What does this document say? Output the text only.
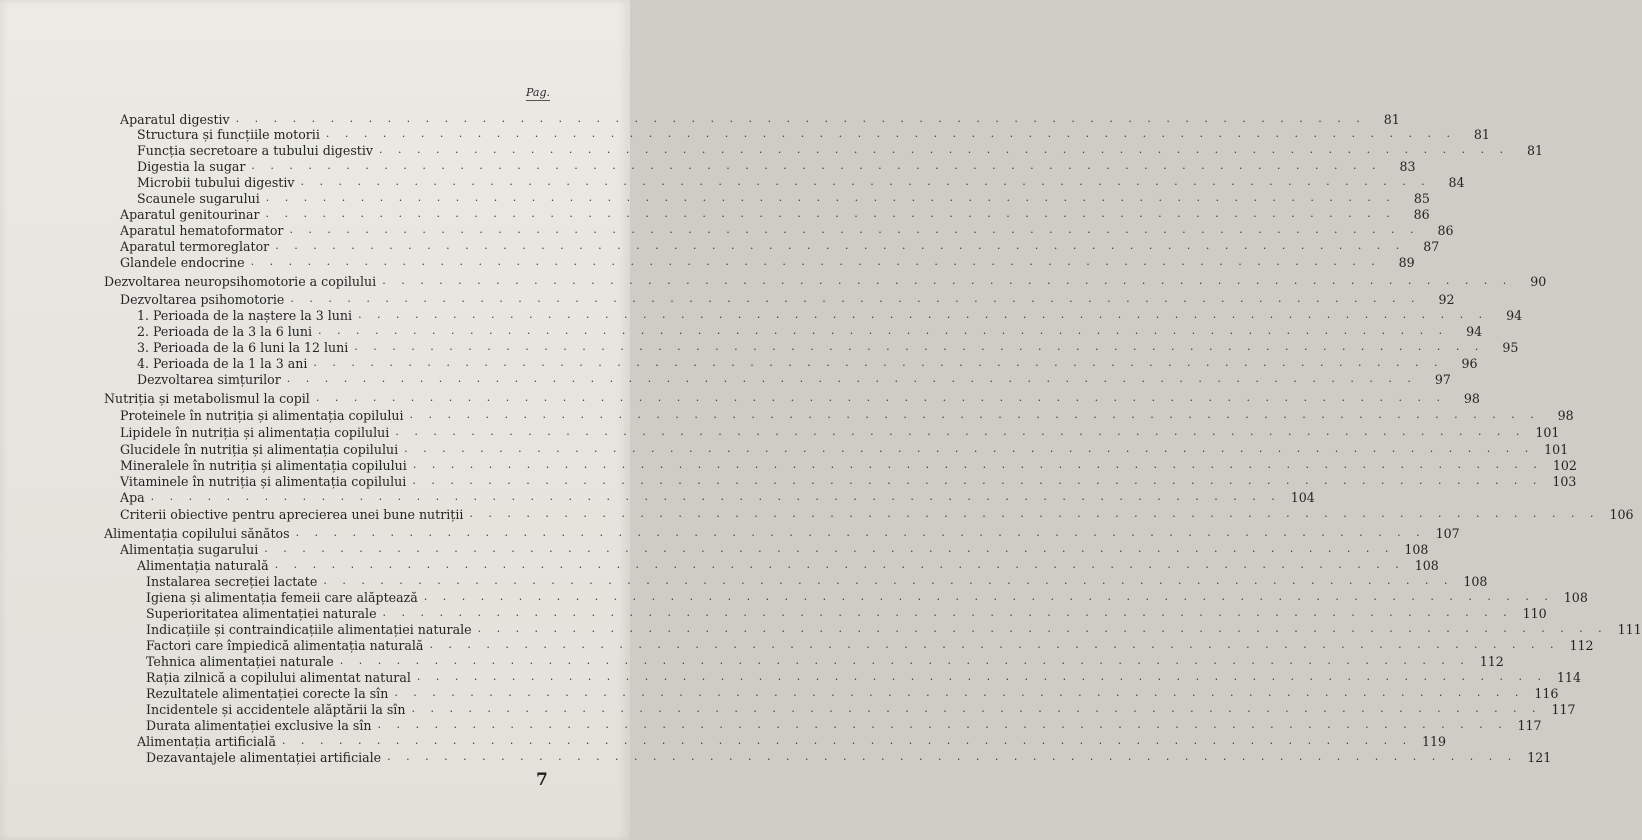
Pag.
Aparatul digestiv . . . . . . . . . . . . . . . . . . . . . . . . . . . . . . . . . . . . . . . . . . . . . . . . . . . . . . . . . . . .	81
Structura și funcțiile motorii . . . . . . . . . . . . . . . . . . . . . . . . . . . . . . . . . . . . . . . . . . . . . . . . . . . . . . . . . . . .	81
Funcția secretoare a tubului digestiv . . . . . . . . . . . . . . . . . . . . . . . . . . . . . . . . . . . . . . . . . . . . . . . . . . . . . . . . . . . .	81
Digestia la sugar . . . . . . . . . . . . . . . . . . . . . . . . . . . . . . . . . . . . . . . . . . . . . . . . . . . . . . . . . . . .	83
Microbii tubului digestiv . . . . . . . . . . . . . . . . . . . . . . . . . . . . . . . . . . . . . . . . . . . . . . . . . . . . . . . . . . . .	84
Scaunele sugarului . . . . . . . . . . . . . . . . . . . . . . . . . . . . . . . . . . . . . . . . . . . . . . . . . . . . . . . . . . . .	85
Aparatul genitourinar . . . . . . . . . . . . . . . . . . . . . . . . . . . . . . . . . . . . . . . . . . . . . . . . . . . . . . . . . . . .	86
Aparatul hematoformator . . . . . . . . . . . . . . . . . . . . . . . . . . . . . . . . . . . . . . . . . . . . . . . . . . . . . . . . . . . .	86
Aparatul termoreglator . . . . . . . . . . . . . . . . . . . . . . . . . . . . . . . . . . . . . . . . . . . . . . . . . . . . . . . . . . . .	87
Glandele endocrine . . . . . . . . . . . . . . . . . . . . . . . . . . . . . . . . . . . . . . . . . . . . . . . . . . . . . . . . . . . .	89
Dezvoltarea neuropsihomotorie a copilului . . . . . . . . . . . . . . . . . . . . . . . . . . . . . . . . . . . . . . . . . . . . . . . . . . . . . . . . . . . .	90
Dezvoltarea psihomotorie . . . . . . . . . . . . . . . . . . . . . . . . . . . . . . . . . . . . . . . . . . . . . . . . . . . . . . . . . . . .	92
1. Perioada de la naștere la 3 luni . . . . . . . . . . . . . . . . . . . . . . . . . . . . . . . . . . . . . . . . . . . . . . . . . . . . . . . . . . . .	94
2. Perioada de la 3 la 6 luni . . . . . . . . . . . . . . . . . . . . . . . . . . . . . . . . . . . . . . . . . . . . . . . . . . . . . . . . . . . .	94
3. Perioada de la 6 luni la 12 luni . . . . . . . . . . . . . . . . . . . . . . . . . . . . . . . . . . . . . . . . . . . . . . . . . . . . . . . . . . . .	95
4. Perioada de la 1 la 3 ani . . . . . . . . . . . . . . . . . . . . . . . . . . . . . . . . . . . . . . . . . . . . . . . . . . . . . . . . . . . .	96
Dezvoltarea simțurilor . . . . . . . . . . . . . . . . . . . . . . . . . . . . . . . . . . . . . . . . . . . . . . . . . . . . . . . . . . . .	97
Nutriția și metabolismul la copil . . . . . . . . . . . . . . . . . . . . . . . . . . . . . . . . . . . . . . . . . . . . . . . . . . . . . . . . . . . .	98
Proteinele în nutriția și alimentația copilului . . . . . . . . . . . . . . . . . . . . . . . . . . . . . . . . . . . . . . . . . . . . . . . . . . . . . . . . . . . .	98
Lipidele în nutriția și alimentația copilului . . . . . . . . . . . . . . . . . . . . . . . . . . . . . . . . . . . . . . . . . . . . . . . . . . . . . . . . . . . . 101
Glucidele în nutriția și alimentația copilului . . . . . . . . . . . . . . . . . . . . . . . . . . . . . . . . . . . . . . . . . . . . . . . . . . . . . . . . . . . . 101
Mineralele în nutriția și alimentația copilului . . . . . . . . . . . . . . . . . . . . . . . . . . . . . . . . . . . . . . . . . . . . . . . . . . . . . . . . . . . . 102
Vitaminele în nutriția și alimentația copilului . . . . . . . . . . . . . . . . . . . . . . . . . . . . . . . . . . . . . . . . . . . . . . . . . . . . . . . . . . . . 103
Apa . . . . . . . . . . . . . . . . . . . . . . . . . . . . . . . . . . . . . . . . . . . . . . . . . . . . . . . . . . . . 104
Criterii obiective pentru aprecierea unei bune nutriții . . . . . . . . . . . . . . . . . . . . . . . . . . . . . . . . . . . . . . . . . . . . . . . . . . . . . . . . . . . . 106
Alimentația copilului sănătos . . . . . . . . . . . . . . . . . . . . . . . . . . . . . . . . . . . . . . . . . . . . . . . . . . . . . . . . . . . . 107
Alimentația sugarului . . . . . . . . . . . . . . . . . . . . . . . . . . . . . . . . . . . . . . . . . . . . . . . . . . . . . . . . . . . . 108
Alimentația naturală . . . . . . . . . . . . . . . . . . . . . . . . . . . . . . . . . . . . . . . . . . . . . . . . . . . . . . . . . . . . 108
Instalarea secreției lactate . . . . . . . . . . . . . . . . . . . . . . . . . . . . . . . . . . . . . . . . . . . . . . . . . . . . . . . . . . . . 108
Igiena și alimentația femeii care alăptează . . . . . . . . . . . . . . . . . . . . . . . . . . . . . . . . . . . . . . . . . . . . . . . . . . . . . . . . . . . . 108
Superioritatea alimentației naturale . . . . . . . . . . . . . . . . . . . . . . . . . . . . . . . . . . . . . . . . . . . . . . . . . . . . . . . . . . . . 110
Indicațiile și contraindicațiile alimentației naturale . . . . . . . . . . . . . . . . . . . . . . . . . . . . . . . . . . . . . . . . . . . . . . . . . . . . . . . . . . . . 111
Factori care împiedică alimentația naturală . . . . . . . . . . . . . . . . . . . . . . . . . . . . . . . . . . . . . . . . . . . . . . . . . . . . . . . . . . . . 112
Tehnica alimentației naturale . . . . . . . . . . . . . . . . . . . . . . . . . . . . . . . . . . . . . . . . . . . . . . . . . . . . . . . . . . . . 112
Rația zilnică a copilului alimentat natural . . . . . . . . . . . . . . . . . . . . . . . . . . . . . . . . . . . . . . . . . . . . . . . . . . . . . . . . . . . . 114
Rezultatele alimentației corecte la sîn . . . . . . . . . . . . . . . . . . . . . . . . . . . . . . . . . . . . . . . . . . . . . . . . . . . . . . . . . . . . 116
Incidentele și accidentele alăptării la sîn . . . . . . . . . . . . . . . . . . . . . . . . . . . . . . . . . . . . . . . . . . . . . . . . . . . . . . . . . . . . 117
Durata alimentației exclusive la sîn . . . . . . . . . . . . . . . . . . . . . . . . . . . . . . . . . . . . . . . . . . . . . . . . . . . . . . . . . . . . 117
Alimentația artificială . . . . . . . . . . . . . . . . . . . . . . . . . . . . . . . . . . . . . . . . . . . . . . . . . . . . . . . . . . . . 119
Dezavantajele alimentației artificiale . . . . . . . . . . . . . . . . . . . . . . . . . . . . . . . . . . . . . . . . . . . . . . . . . . . . . . . . . . . . 121
7
